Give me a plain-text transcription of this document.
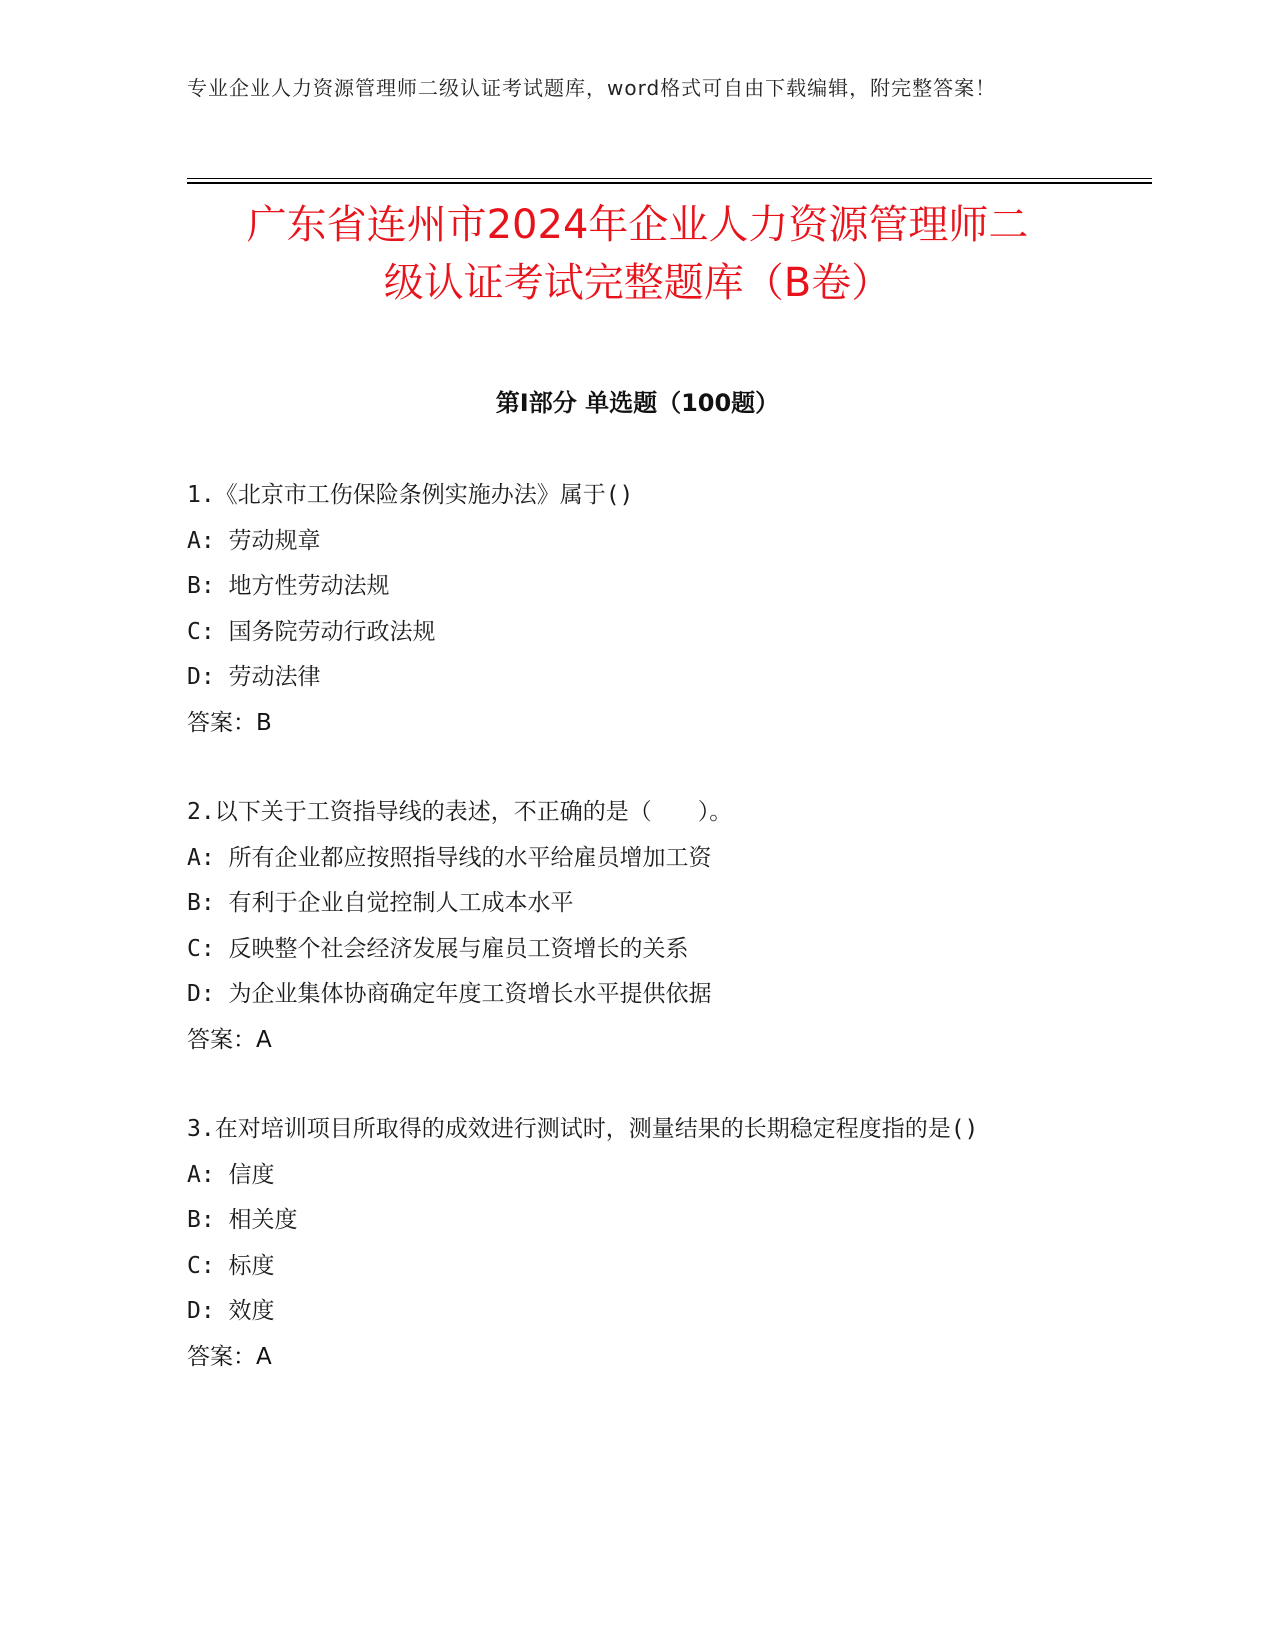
专业企业人力资源管理师二级认证考试题库，word格式可自由下载编辑，附完整答案！
广东省连州市2024年企业人力资源管理师二
级认证考试完整题库（B卷）
第Ⅰ部分 单选题（100题）
1.《北京市工伤保险条例实施办法》属于()
A: 劳动规章
B: 地方性劳动法规
C: 国务院劳动行政法规
D: 劳动法律
答案：B
2.以下关于工资指导线的表述，不正确的是（　　）。
A: 所有企业都应按照指导线的水平给雇员增加工资
B: 有利于企业自觉控制人工成本水平
C: 反映整个社会经济发展与雇员工资增长的关系
D: 为企业集体协商确定年度工资增长水平提供依据
答案：A
3.在对培训项目所取得的成效进行测试时，测量结果的长期稳定程度指的是()
A: 信度
B: 相关度
C: 标度
D: 效度
答案：A
